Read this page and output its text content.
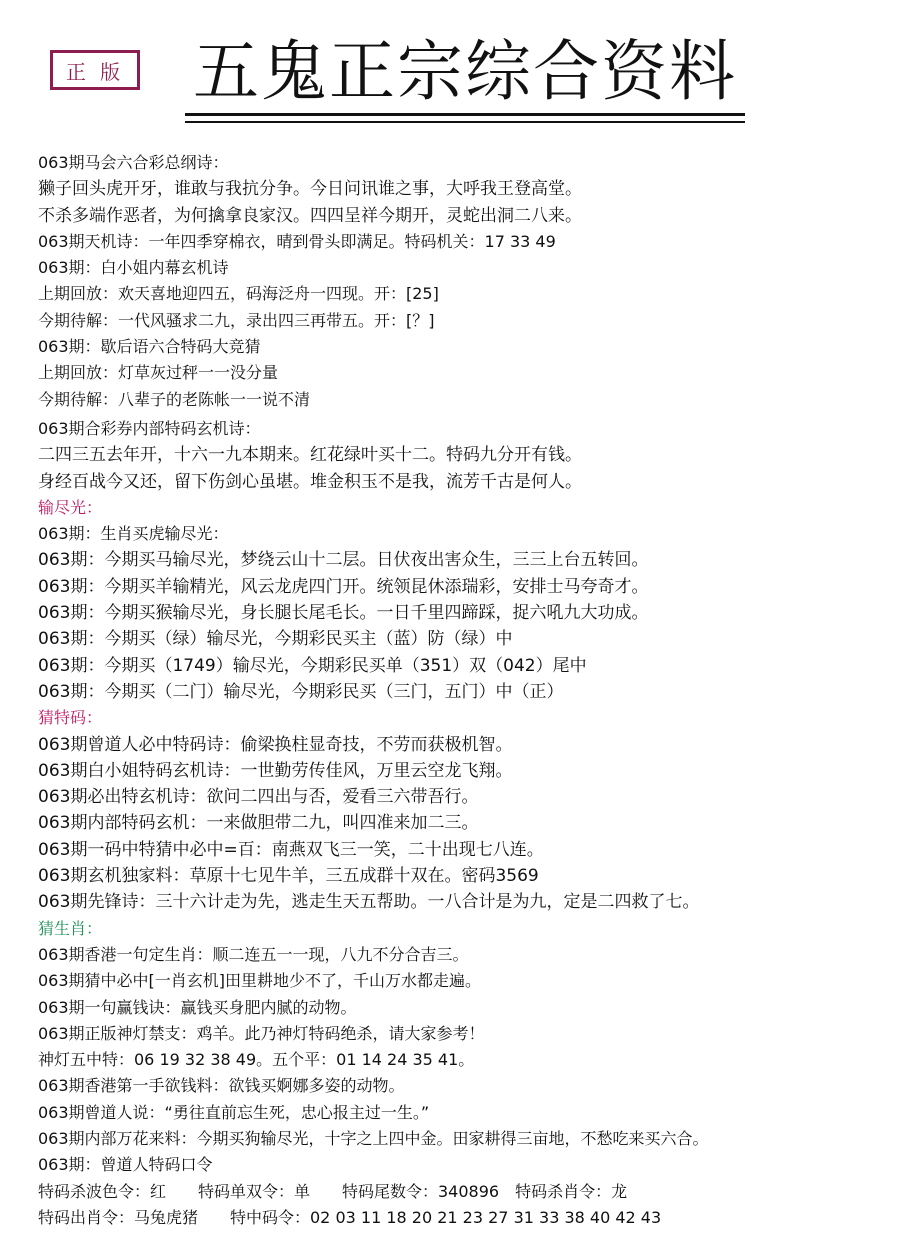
正 版 五鬼正宗综合资料
063期马会六合彩总纲诗：
獭子回头虎开牙，谁敢与我抗分争。今日问讯谁之事，大呼我王登高堂。
不杀多端作恶者，为何擒拿良家汉。四四呈祥今期开，灵蛇出洞二八来。
063期天机诗：一年四季穿棉衣，晴到骨头即满足。特码机关：17 33 49
063期：白小姐内幕玄机诗
上期回放：欢天喜地迎四五，码海泛舟一四现。开：[25]
今期待解：一代风骚求二九，录出四三再带五。开：[？]
063期：歇后语六合特码大竞猜
上期回放：灯草灰过秤一一没分量
今期待解：八辈子的老陈帐一一说不清
063期合彩券内部特码玄机诗：
二四三五去年开，十六一九本期来。红花绿叶买十二。特码九分开有钱。
身经百战今又还，留下伤剑心虽堪。堆金积玉不是我，流芳千古是何人。
输尽光：
063期：生肖买虎输尽光：
063期：今期买马输尽光，梦绕云山十二层。日伏夜出害众生，三三上台五转回。
063期：今期买羊输精光，风云龙虎四门开。统领昆休添瑞彩，安排士马夸奇才。
063期：今期买猴输尽光，身长腿长尾毛长。一日千里四蹄踩，捉六吼九大功成。
063期：今期买（绿）输尽光，今期彩民买主（蓝）防（绿）中
063期：今期买（1749）输尽光，今期彩民买单（351）双（042）尾中
063期：今期买（二门）输尽光，今期彩民买（三门，五门）中（正）
猜特码：
063期曾道人必中特码诗：偷梁换柱显奇技，不劳而获极机智。
063期白小姐特码玄机诗：一世勤劳传佳风，万里云空龙飞翔。
063期必出特玄机诗：欲问二四出与否，爱看三六带吾行。
063期内部特码玄机：一来做胆带二九，叫四准来加二三。
063期一码中特猜中必中=百：南燕双飞三一笑，二十出现七八连。
063期玄机独家料：草原十七见牛羊，三五成群十双在。密码3569
063期先锋诗：三十六计走为先，逃走生天五帮助。一八合计是为九，定是二四救了七。
猜生肖：
063期香港一句定生肖：顺二连五一一现，八九不分合吉三。
063期猜中必中[一肖玄机]田里耕地少不了，千山万水都走遍。
063期一句赢钱诀：赢钱买身肥内腻的动物。
063期正版神灯禁支：鸡羊。此乃神灯特码绝杀，请大家参考！
神灯五中特：06 19 32 38 49。五个平：01 14 24 35 41。
063期香港第一手欲钱料：欲钱买婀娜多姿的动物。
063期曾道人说：“勇往直前忘生死，忠心报主过一生。”
063期内部万花来料：今期买狗输尽光，十字之上四中金。田家耕得三亩地，不愁吃来买六合。
063期：曾道人特码口令
特码杀波色令：红　　特码单双令：单　　特码尾数令：340896　特码杀肖令：龙
特码出肖令：马兔虎猪　　特中码令：02 03 11 18 20 21 23 27 31 33 38 40 42 43
